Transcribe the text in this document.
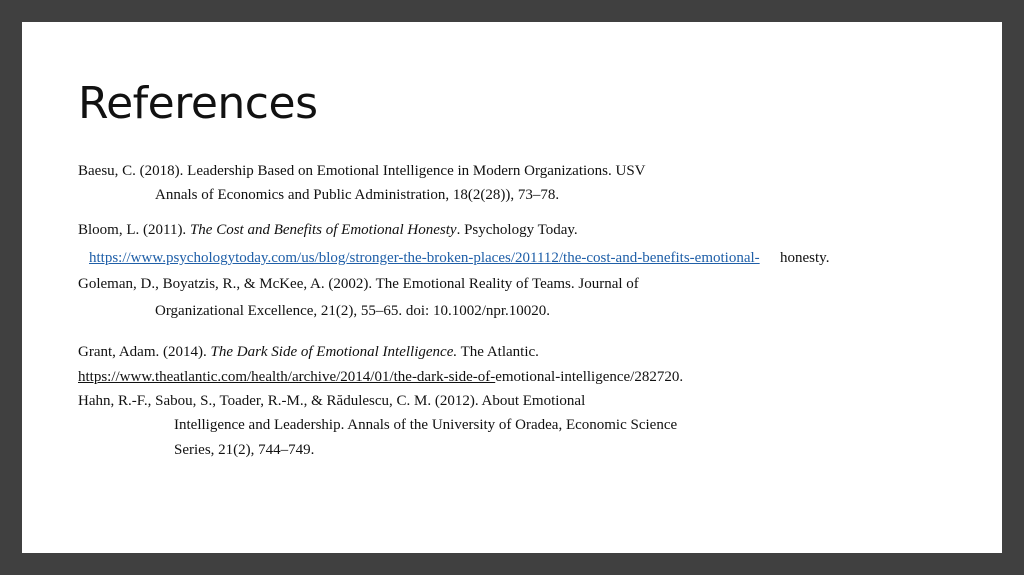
References
Baesu, C. (2018). Leadership Based on Emotional Intelligence in Modern Organizations. USV
Annals of Economics and Public Administration, 18(2(28)), 73–78.
Bloom, L. (2011). The Cost and Benefits of Emotional Honesty. Psychology Today.
https://www.psychologytoday.com/us/blog/stronger-the-broken-places/201112/the-cost-and-benefits-emotional- honesty.
Goleman, D., Boyatzis, R., & McKee, A. (2002). The Emotional Reality of Teams. Journal of
Organizational Excellence, 21(2), 55–65. doi: 10.1002/npr.10020.
Grant, Adam. (2014). The Dark Side of Emotional Intelligence. The Atlantic.
https://www.theatlantic.com/health/archive/2014/01/the-dark-side-of-emotional-intelligence/282720.
Hahn, R.-F., Sabou, S., Toader, R.-M., & Rădulescu, C. M. (2012). About Emotional
Intelligence and Leadership. Annals of the University of Oradea, Economic Science
Series, 21(2), 744–749.
